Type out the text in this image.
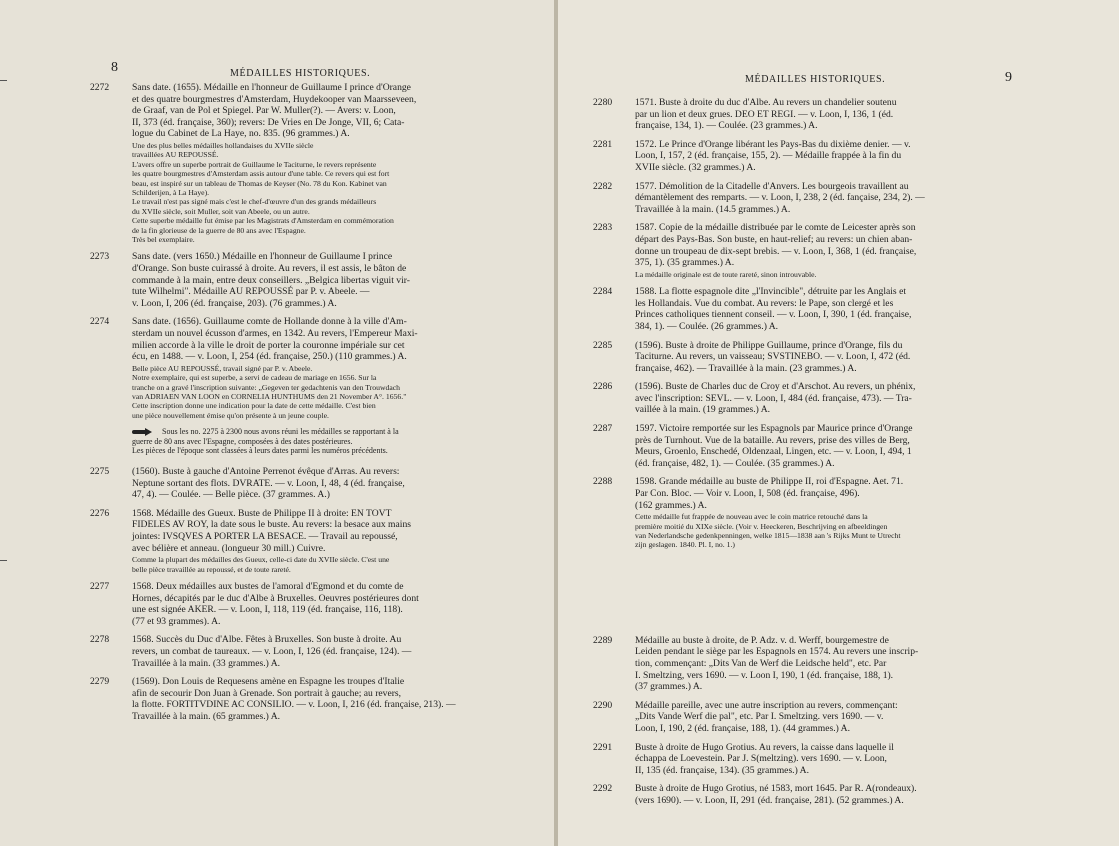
8	MÉDAILLES HISTORIQUES.
2272 Sans date. (1655). Médaille en l'honneur de Guillaume I prince d'Orange
et des quatre bourgmestres d'Amsterdam, Huydekooper van Maarsseveen,
de Graaf, van de Pol et Spiegel. Par W. Muller(?). — Avers: v. Loon,
II, 373 (éd. française, 360); revers: De Vries en De Jonge, VII, 6; Cata-
logue du Cabinet de La Haye, no. 835. (96 grammes.) A.
Une des plus belles médailles hollandaises du XVIIe siècle
travaillées AU REPOUSSÉ.
L'avers offre un superbe portrait de Guillaume le Taciturne, le revers représente
les quatre bourgmestres d'Amsterdam assis autour d'une table. Ce revers qui est fort
beau, est inspiré sur un tableau de Thomas de Keyser (No. 78 du Kon. Kabinet van
Schilderijen, à La Haye).
Le travail n'est pas signé mais c'est le chef-d'œuvre d'un des grands médailleurs
du XVIIe siècle, soit Muller, soit van Abeele, ou un autre.
Cette superbe médaille fut émise par les Magistrats d'Amsterdam en commémoration
de la fin glorieuse de la guerre de 80 ans avec l'Espagne.
Très bel exemplaire.
2273 Sans date. (vers 1650.) Médaille en l'honneur de Guillaume I prince
d'Orange. Son buste cuirassé à droite. Au revers, il est assis, le bâton de
commande à la main, entre deux conseillers. „Belgica libertas viguit vir-
tute Wilhelmi". Médaille AU REPOUSSÉ par P. v. Abeele. —
v. Loon, I, 206 (éd. française, 203). (76 grammes.) A.
2274 Sans date. (1656). Guillaume comte de Hollande donne à la ville d'Am-
sterdam un nouvel écusson d'armes, en 1342. Au revers, l'Empereur Maxi-
milien accorde à la ville le droit de porter la couronne impériale sur cet
écu, en 1488. — v. Loon, I, 254 (éd. française, 250.) (110 grammes.) A.
Belle pièce AU REPOUSSÉ, travail signé par P. v. Abeele.
Notre exemplaire, qui est superbe, a servi de cadeau de mariage en 1656. Sur la
tranche on a gravé l'inscription suivante: „Gegeven ter gedachtenis van den Trouwdach
van ADRIAEN VAN LOON en CORNELIA HUNTHUMS den 21 November A°. 1656."
Cette inscription donne une indication pour la date de cette médaille. C'est bien
une pièce nouvellement émise qu'on présente à un jeune couple.
Sous les no. 2275 à 2300 nous avons réuni les médailles se rapportant à la
guerre de 80 ans avec l'Espagne, composées à des dates postérieures.
Les pièces de l'époque sont classées à leurs dates parmi les numéros précédents.
2275 (1560). Buste à gauche d'Antoine Perrenot évêque d'Arras. Au revers:
Neptune sortant des flots. DVRATE. — v. Loon, I, 48, 4 (éd. française,
47, 4). — Coulée. — Belle pièce. (37 grammes. A.)
2276 1568. Médaille des Gueux. Buste de Philippe II à droite: EN TOVT
FIDELES AV ROY, la date sous le buste. Au revers: la besace aux mains
jointes: IVSQVES A PORTER LA BESACE. — Travail au repoussé,
avec bélière et anneau. (longueur 30 mill.) Cuivre.
Comme la plupart des médailles des Gueux, celle-ci date du XVIIe siècle. C'est une
belle pièce travaillée au repoussé, et de toute rareté.
2277 1568. Deux médailles aux bustes de l'amoral d'Egmond et du comte de
Hornes, décapités par le duc d'Albe à Bruxelles. Oeuvres postérieures dont
une est signée AKER. — v. Loon, I, 118, 119 (éd. française, 116, 118).
(77 et 93 grammes). A.
2278 1568. Succès du Duc d'Albe. Fêtes à Bruxelles. Son buste à droite. Au
revers, un combat de taureaux. — v. Loon, I, 126 (éd. française, 124). —
Travaillée à la main. (33 grammes.) A.
2279 (1569). Don Louis de Requesens amène en Espagne les troupes d'Italie
afin de secourir Don Juan à Grenade. Son portrait à gauche; au revers,
la flotte. FORTITVDINE AC CONSILIO. — v. Loon, I, 216 (éd. française, 213). —
Travaillée à la main. (65 grammes.) A.
MÉDAILLES HISTORIQUES.	9
2280 1571. Buste à droite du duc d'Albe. Au revers un chandelier soutenu
par un lion et deux grues. DEO ET REGI. — v. Loon, I, 136, 1 (éd.
française, 134, 1). — Coulée. (23 grammes.) A.
2281 1572. Le Prince d'Orange libérant les Pays-Bas du dixième denier. — v.
Loon, I, 157, 2 (éd. française, 155, 2). — Médaille frappée à la fin du
XVIIe siècle. (32 grammes.) A.
2282 1577. Démolition de la Citadelle d'Anvers. Les bourgeois travaillent au
démantèlement des remparts. — v. Loon, I, 238, 2 (éd. fançaise, 234, 2). —
Travaillée à la main. (14.5 grammes.) A.
2283 1587. Copie de la médaille distribuée par le comte de Leicester après son
départ des Pays-Bas. Son buste, en haut-relief; au revers: un chien aban-
donne un troupeau de dix-sept brebis. — v. Loon, I, 368, 1 (éd. française,
375, 1). (35 grammes.) A.
La médaille originale est de toute rareté, sinon introuvable.
2284 1588. La flotte espagnole dite „l'Invincible", détruite par les Anglais et
les Hollandais. Vue du combat. Au revers: le Pape, son clergé et les
Princes catholiques tiennent conseil. — v. Loon, I, 390, 1 (éd. française,
384, 1). — Coulée. (26 grammes.) A.
2285 (1596). Buste à droite de Philippe Guillaume, prince d'Orange, fils du
Taciturne. Au revers, un vaisseau; SVSTINEBO. — v. Loon, I, 472 (éd.
française, 462). — Travaillée à la main. (23 grammes.) A.
2286 (1596). Buste de Charles duc de Croy et d'Arschot. Au revers, un phénix,
avec l'inscription: SEVL. — v. Loon, I, 484 (éd. française, 473). — Tra-
vaillée à la main. (19 grammes.) A.
2287 1597. Victoire remportée sur les Espagnols par Maurice prince d'Orange
près de Turnhout. Vue de la bataille. Au revers, prise des villes de Berg,
Meurs, Groenlo, Enschedé, Oldenzaal, Lingen, etc. — v. Loon, I, 494, 1
(éd. française, 482, 1). — Coulée. (35 grammes.) A.
2288 1598. Grande médaille au buste de Philippe II, roi d'Espagne. Aet. 71.
Par Con. Bloc. — Voir v. Loon, I, 508 (éd. française, 496).
(162 grammes.) A.
Cette médaille fut frappée de nouveau avec le coin matrice retouché dans la
première moitié du XIXe siècle. (Voir v. Heeckeren, Beschrijving en afbeeldingen
van Nederlandsche gedenkpenningen, welke 1815—1838 aan 's Rijks Munt te Utrecht
zijn geslagen. 1840. Pl. I, no. 1.)
2289 Médaille au buste à droite, de P. Adz. v. d. Werff, bourgemestre de
Leiden pendant le siège par les Espagnols en 1574. Au revers une inscrip-
tion, commençant: „Dits Van de Werf die Leidsche held", etc. Par
I. Smeltzing, vers 1690. — v. Loon I, 190, 1 (éd. française, 188, 1).
(37 grammes.) A.
2290 Médaille pareille, avec une autre inscription au revers, commençant:
„Dits Vande Werf die pal", etc. Par I. Smeltzing. vers 1690. — v.
Loon, I, 190, 2 (éd. française, 188, 1). (44 grammes.) A.
2291 Buste à droite de Hugo Grotius. Au revers, la caisse dans laquelle il
échappa de Loevestein. Par J. S(meltzing). vers 1690. — v. Loon,
II, 135 (éd. française, 134). (35 grammes.) A.
2292 Buste à droite de Hugo Grotius, né 1583, mort 1645. Par R. A(rondeaux).
(vers 1690). — v. Loon, II, 291 (éd. française, 281). (52 grammes.) A.
